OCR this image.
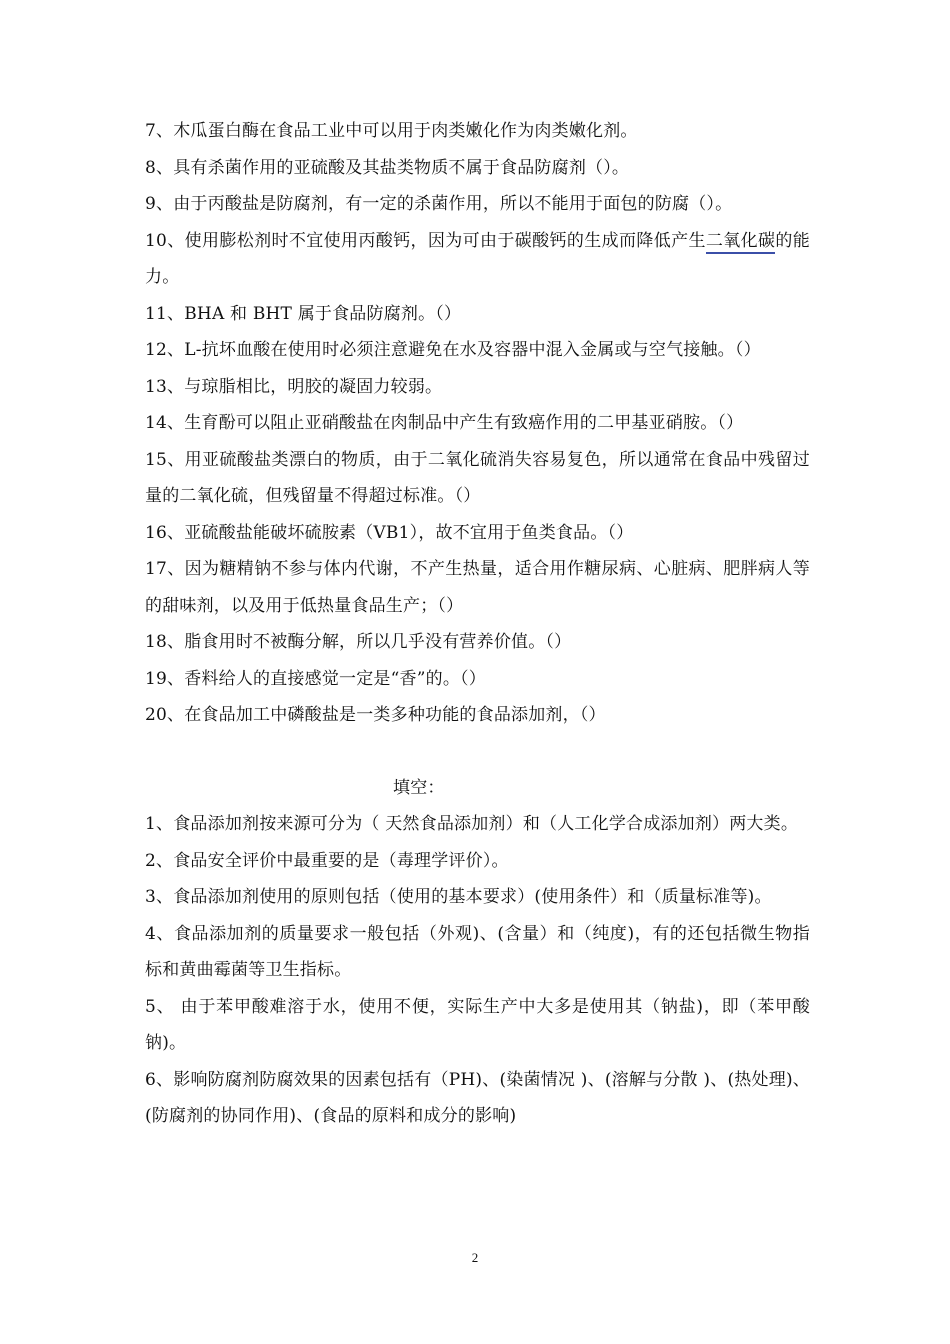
7、木瓜蛋白酶在食品工业中可以用于肉类嫩化作为肉类嫩化剂。

8、具有杀菌作用的亚硫酸及其盐类物质不属于食品防腐剂（）。

9、由于丙酸盐是防腐剂，有一定的杀菌作用，所以不能用于面包的防腐（）。

10、使用膨松剂时不宜使用丙酸钙，因为可由于碳酸钙的生成而降低产生二氧化碳的能力。

11、BHA 和 BHT 属于食品防腐剂。（）

12、L-抗坏血酸在使用时必须注意避免在水及容器中混入金属或与空气接触。（）

13、与琼脂相比，明胶的凝固力较弱。

14、生育酚可以阻止亚硝酸盐在肉制品中产生有致癌作用的二甲基亚硝胺。（）

15、用亚硫酸盐类漂白的物质，由于二氧化硫消失容易复色，所以通常在食品中残留过量的二氧化硫，但残留量不得超过标准。（）

16、亚硫酸盐能破坏硫胺素（VB1），故不宜用于鱼类食品。（）

17、因为糖精钠不参与体内代谢，不产生热量，适合用作糖尿病、心脏病、肥胖病人等的甜味剂，以及用于低热量食品生产；（）

18、脂食用时不被酶分解，所以几乎没有营养价值。（）

19、香料给人的直接感觉一定是“香”的。（）

20、在食品加工中磷酸盐是一类多种功能的食品添加剂，（）

填空：

1、食品添加剂按来源可分为（ 天然食品添加剂）和（人工化学合成添加剂）两大类。

2、食品安全评价中最重要的是（毒理学评价）。

3、食品添加剂使用的原则包括（使用的基本要求）(使用条件）和（质量标准等)。

4、食品添加剂的质量要求一般包括（外观)、(含量）和（纯度)，有的还包括微生物指标和黄曲霉菌等卫生指标。

5、 由于苯甲酸难溶于水，使用不便，实际生产中大多是使用其（钠盐)，即（苯甲酸钠)。

6、影响防腐剂防腐效果的因素包括有（PH)、(染菌情况 )、(溶解与分散 )、(热处理)、(防腐剂的协同作用)、(食品的原料和成分的影响)

2
